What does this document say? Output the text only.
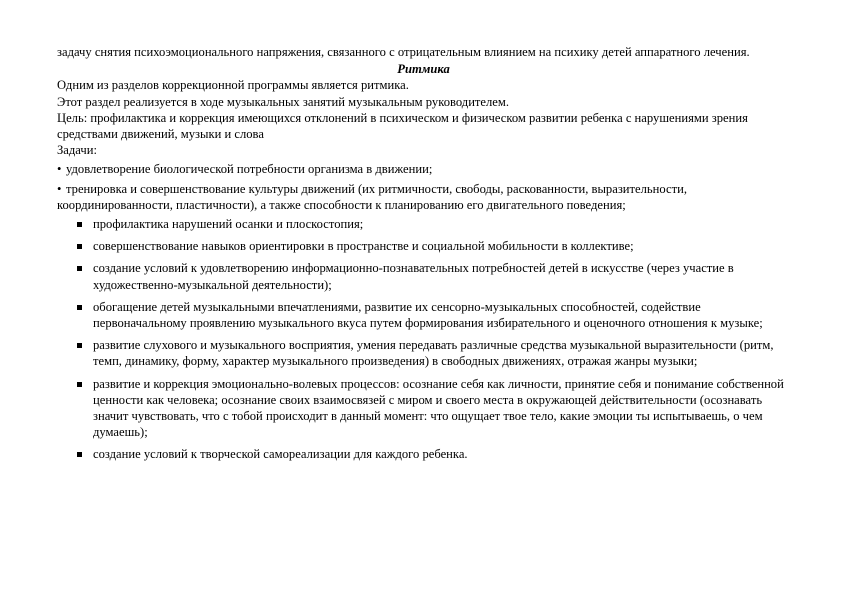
задачу снятия психоэмоционального напряжения, связанного с отрицательным влиянием на психику детей аппаратного лечения.

Ритмика

Одним из разделов коррекционной программы является ритмика.

Этот раздел реализуется в ходе музыкальных занятий музыкальным руководителем.

Цель: профилактика и коррекция имеющихся отклонений в психическом и физическом развитии ребенка с нарушениями зрения средствами движений, музыки и слова

Задачи:

• удовлетворение биологической потребности организма в движении;

• тренировка и совершенствование культуры движений (их ритмичности, свободы, раскованности, выразительности, координированности, пластичности), а также способности к планированию его двигательного поведения;

профилактика нарушений осанки и плоскостопия;
совершенствование навыков ориентировки в пространстве и социальной мобильности в коллективе;
создание условий к удовлетворению информационно-познавательных потребностей детей в искусстве (через участие в художественно-музыкальной деятельности);
обогащение детей музыкальными впечатлениями, развитие их сенсорно-музыкальных способностей, содействие первоначальному проявлению музыкального вкуса путем формирования избирательного и оценочного отношения к музыке;
развитие слухового и музыкального восприятия, умения передавать различные средства музыкальной выразительности (ритм, темп, динамику, форму, характер музыкального произведения) в свободных движениях, отражая жанры музыки;
развитие и коррекция эмоционально-волевых процессов: осознание себя как личности, принятие себя и понимание собственной ценности как человека; осознание своих взаимосвязей с миром и своего места в окружающей действительности (осознавать значит чувствовать, что с тобой происходит в данный момент: что ощущает твое тело, какие эмоции ты испытываешь, о чем думаешь);
создание условий к творческой самореализации для каждого ребенка.
